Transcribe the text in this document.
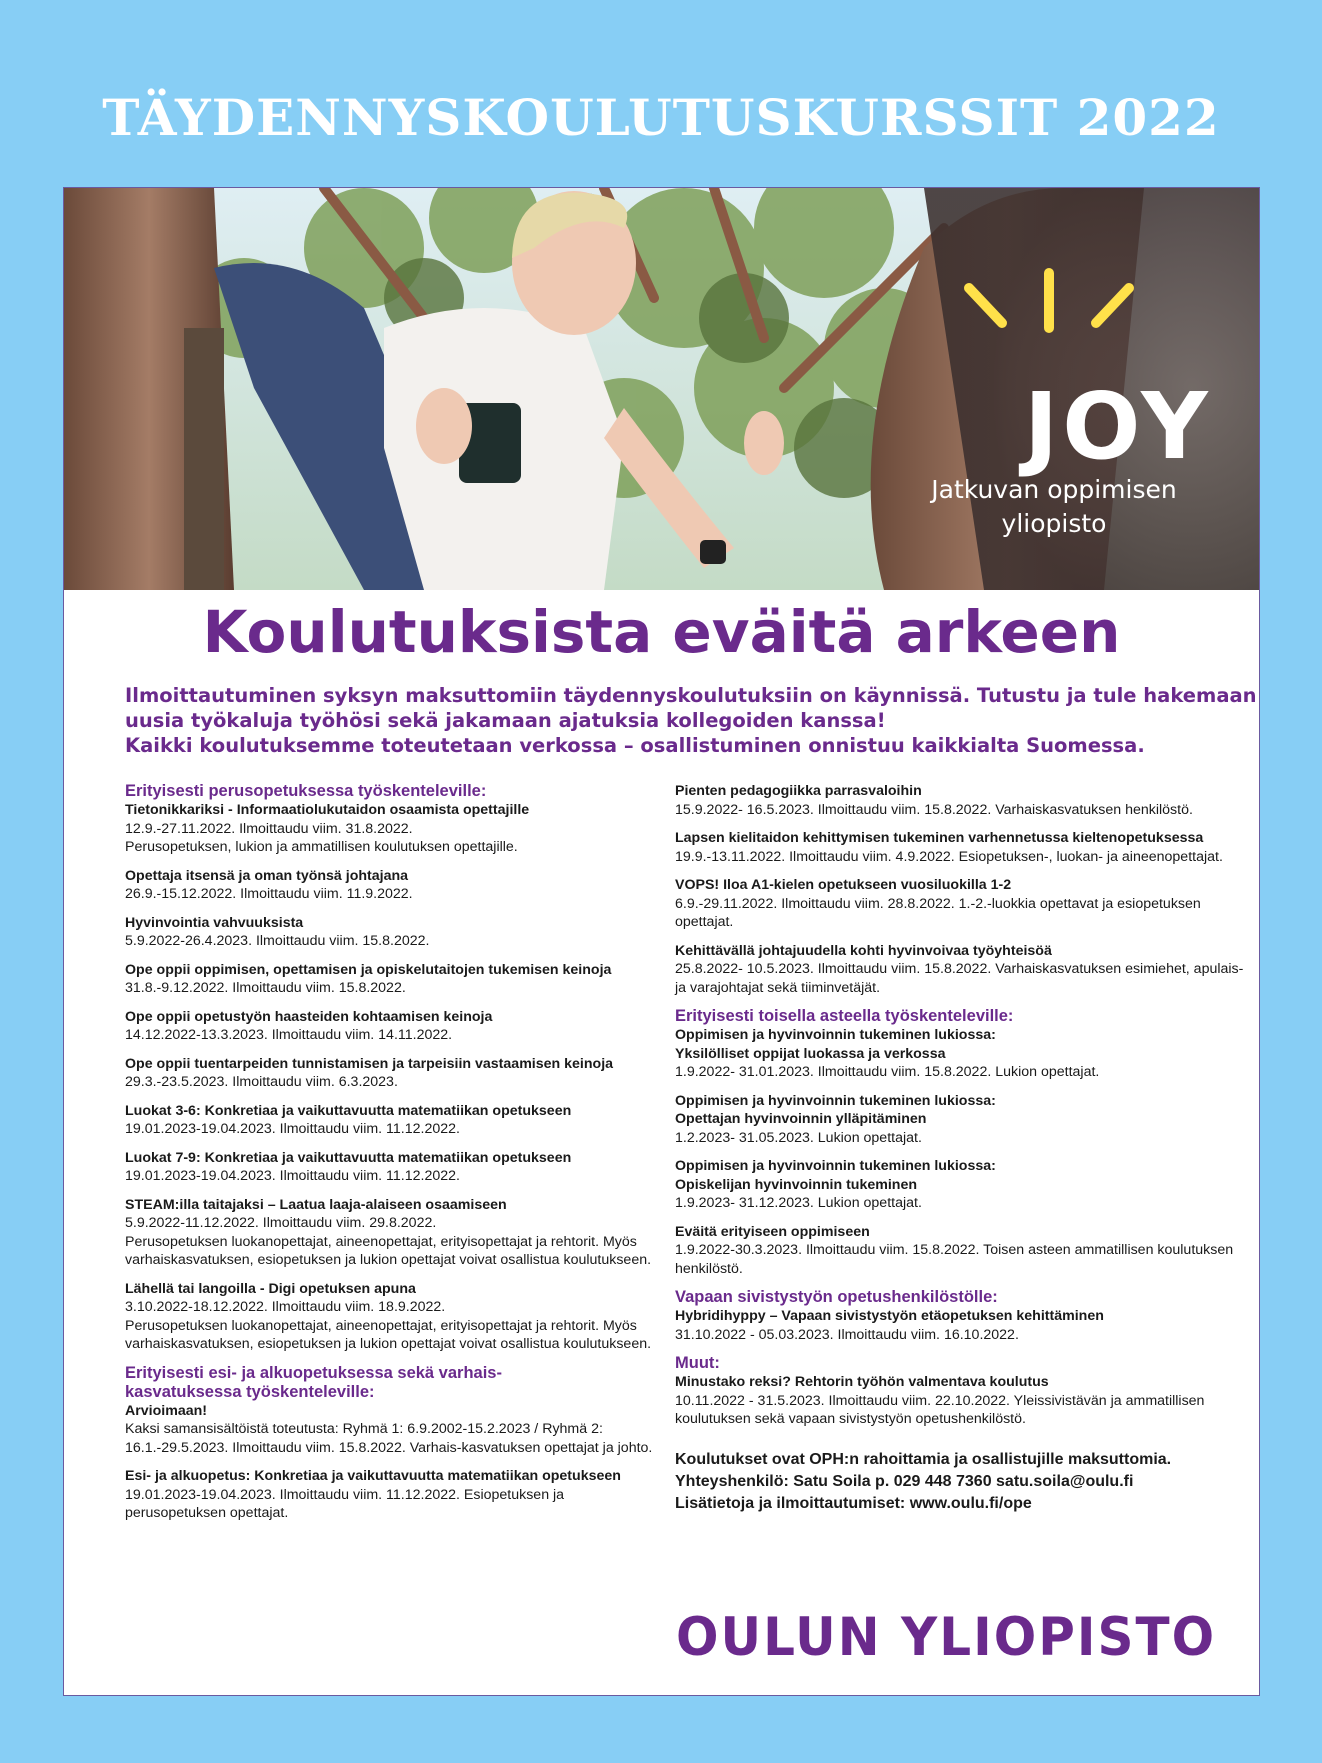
TÄYDENNYSKOULUTUSKURSSIT 2022
JOY
Jatkuvan oppimisen
yliopisto
Koulutuksista eväitä arkeen
Ilmoittautuminen syksyn maksuttomiin täydennyskoulutuksiin on käynnissä. Tutustu ja tule hakemaan
uusia työkaluja työhösi sekä jakamaan ajatuksia kollegoiden kanssa!
Kaikki koulutuksemme toteutetaan verkossa – osallistuminen onnistuu kaikkialta Suomessa.
Erityisesti perusopetuksessa työskenteleville:
Tietonikkariksi - Informaatiolukutaidon osaamista opettajille
12.9.-27.11.2022. Ilmoittaudu viim. 31.8.2022.
Perusopetuksen, lukion ja ammatillisen koulutuksen opettajille.
Opettaja itsensä ja oman työnsä johtajana
26.9.-15.12.2022. Ilmoittaudu viim. 11.9.2022.
Hyvinvointia vahvuuksista
5.9.2022-26.4.2023. Ilmoittaudu viim. 15.8.2022.
Ope oppii oppimisen, opettamisen ja opiskelutaitojen tukemisen keinoja
31.8.-9.12.2022. Ilmoittaudu viim. 15.8.2022.
Ope oppii opetustyön haasteiden kohtaamisen keinoja
14.12.2022-13.3.2023. Ilmoittaudu viim. 14.11.2022.
Ope oppii tuentarpeiden tunnistamisen ja tarpeisiin vastaamisen keinoja
29.3.-23.5.2023. Ilmoittaudu viim. 6.3.2023.
Luokat 3-6: Konkretiaa ja vaikuttavuutta matematiikan opetukseen
19.01.2023-19.04.2023. Ilmoittaudu viim. 11.12.2022.
Luokat 7-9: Konkretiaa ja vaikuttavuutta matematiikan opetukseen
19.01.2023-19.04.2023. Ilmoittaudu viim. 11.12.2022.
STEAM:illa taitajaksi – Laatua laaja-alaiseen osaamiseen
5.9.2022-11.12.2022. Ilmoittaudu viim. 29.8.2022.
Perusopetuksen luokanopettajat, aineenopettajat, erityisopettajat ja rehtorit. Myös varhaiskasvatuksen, esiopetuksen ja lukion opettajat voivat osallistua koulutukseen.
Lähellä tai langoilla - Digi opetuksen apuna
3.10.2022-18.12.2022. Ilmoittaudu viim. 18.9.2022.
Perusopetuksen luokanopettajat, aineenopettajat, erityisopettajat ja rehtorit. Myös varhaiskasvatuksen, esiopetuksen ja lukion opettajat voivat osallistua koulutukseen.
Erityisesti esi- ja alkuopetuksessa sekä varhais-
kasvatuksessa työskenteleville:
Arvioimaan!
Kaksi samansisältöistä toteutusta: Ryhmä 1: 6.9.2002-15.2.2023 / Ryhmä 2: 16.1.-29.5.2023. Ilmoittaudu viim. 15.8.2022. Varhais-kasvatuksen opettajat ja johto.
Esi- ja alkuopetus: Konkretiaa ja vaikuttavuutta matematiikan opetukseen
19.01.2023-19.04.2023. Ilmoittaudu viim. 11.12.2022. Esiopetuksen ja perusopetuksen opettajat.
Pienten pedagogiikka parrasvaloihin
15.9.2022- 16.5.2023. Ilmoittaudu viim. 15.8.2022. Varhaiskasvatuksen henkilöstö.
Lapsen kielitaidon kehittymisen tukeminen varhennetussa kieltenopetuksessa
19.9.-13.11.2022. Ilmoittaudu viim. 4.9.2022. Esiopetuksen-, luokan- ja aineenopettajat.
VOPS! Iloa A1-kielen opetukseen vuosiluokilla 1-2
6.9.-29.11.2022. Ilmoittaudu viim. 28.8.2022. 1.-2.-luokkia opettavat ja esiopetuksen opettajat.
Kehittävällä johtajuudella kohti hyvinvoivaa työyhteisöä
25.8.2022- 10.5.2023. Ilmoittaudu viim. 15.8.2022. Varhaiskasvatuksen esimiehet, apulais- ja varajohtajat sekä tiiminvetäjät.
Erityisesti toisella asteella työskenteleville:
Oppimisen ja hyvinvoinnin tukeminen lukiossa:
Yksilölliset oppijat luokassa ja verkossa
1.9.2022- 31.01.2023. Ilmoittaudu viim. 15.8.2022. Lukion opettajat.
Oppimisen ja hyvinvoinnin tukeminen lukiossa:
Opettajan hyvinvoinnin ylläpitäminen
1.2.2023- 31.05.2023. Lukion opettajat.
Oppimisen ja hyvinvoinnin tukeminen lukiossa:
Opiskelijan hyvinvoinnin tukeminen
1.9.2023- 31.12.2023. Lukion opettajat.
Eväitä erityiseen oppimiseen
1.9.2022-30.3.2023. Ilmoittaudu viim. 15.8.2022. Toisen asteen ammatillisen koulutuksen henkilöstö.
Vapaan sivistystyön opetushenkilöstölle:
Hybridihyppy – Vapaan sivistystyön etäopetuksen kehittäminen
31.10.2022 - 05.03.2023. Ilmoittaudu viim. 16.10.2022.
Muut:
Minustako reksi? Rehtorin työhön valmentava koulutus
10.11.2022 - 31.5.2023. Ilmoittaudu viim. 22.10.2022. Yleissivistävän ja ammatillisen koulutuksen sekä vapaan sivistystyön opetushenkilöstö.
Koulutukset ovat OPH:n rahoittamia ja osallistujille maksuttomia.
Yhteyshenkilö: Satu Soila p. 029 448 7360 satu.soila@oulu.fi
Lisätietoja ja ilmoittautumiset: www.oulu.fi/ope
OULUN YLIOPISTO
